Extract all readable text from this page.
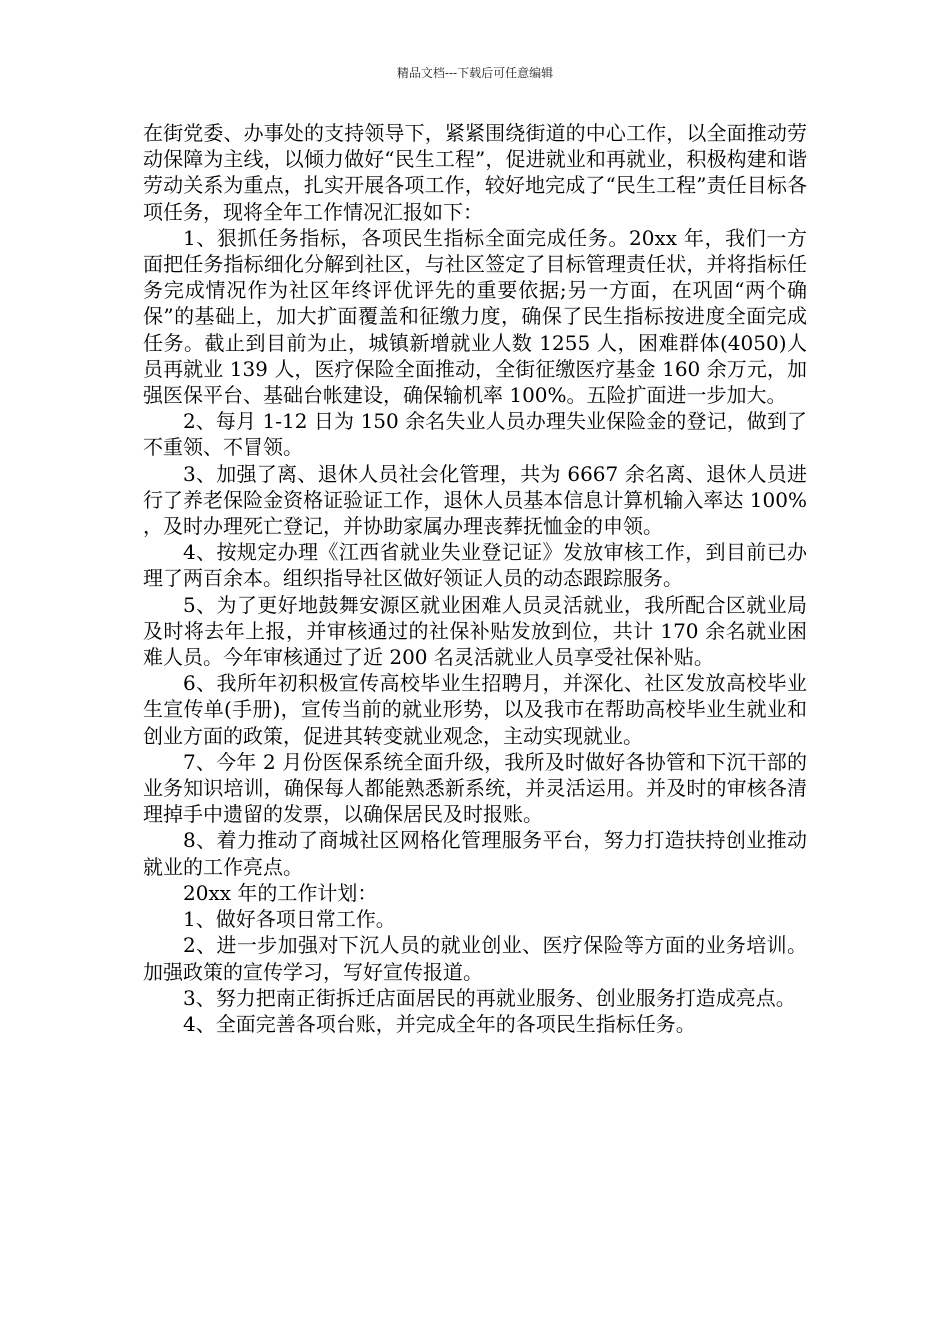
精品文档---下载后可任意编辑

在街党委、办事处的支持领导下，紧紧围绕街道的中心工作，以全面推动劳动保障为主线，以倾力做好“民生工程”，促进就业和再就业，积极构建和谐劳动关系为重点，扎实开展各项工作，较好地完成了“民生工程”责任目标各项任务，现将全年工作情况汇报如下：

1、狠抓任务指标，各项民生指标全面完成任务。20xx 年，我们一方面把任务指标细化分解到社区，与社区签定了目标管理责任状，并将指标任务完成情况作为社区年终评优评先的重要依据;另一方面，在巩固“两个确保”的基础上，加大扩面覆盖和征缴力度，确保了民生指标按进度全面完成任务。截止到目前为止，城镇新增就业人数 1255 人，困难群体(4050)人员再就业 139 人，医疗保险全面推动，全街征缴医疗基金 160 余万元，加强医保平台、基础台帐建设，确保输机率 100%。五险扩面进一步加大。

2、每月 1-12 日为 150 余名失业人员办理失业保险金的登记，做到了不重领、不冒领。

3、加强了离、退休人员社会化管理，共为 6667 余名离、退休人员进行了养老保险金资格证验证工作，退休人员基本信息计算机输入率达 100% ，及时办理死亡登记，并协助家属办理丧葬抚恤金的申领。

4、按规定办理《江西省就业失业登记证》发放审核工作，到目前已办理了两百余本。组织指导社区做好领证人员的动态跟踪服务。

5、为了更好地鼓舞安源区就业困难人员灵活就业，我所配合区就业局及时将去年上报，并审核通过的社保补贴发放到位，共计 170 余名就业困难人员。今年审核通过了近 200 名灵活就业人员享受社保补贴。

6、我所年初积极宣传高校毕业生招聘月，并深化、社区发放高校毕业生宣传单(手册)，宣传当前的就业形势，以及我市在帮助高校毕业生就业和创业方面的政策，促进其转变就业观念，主动实现就业。

7、今年 2 月份医保系统全面升级，我所及时做好各协管和下沉干部的业务知识培训，确保每人都能熟悉新系统，并灵活运用。并及时的审核各清理掉手中遗留的发票，以确保居民及时报账。

8、着力推动了商城社区网格化管理服务平台，努力打造扶持创业推动就业的工作亮点。

20xx 年的工作计划：

1、做好各项日常工作。

2、进一步加强对下沉人员的就业创业、医疗保险等方面的业务培训。加强政策的宣传学习，写好宣传报道。

3、努力把南正街拆迁店面居民的再就业服务、创业服务打造成亮点。

4、全面完善各项台账，并完成全年的各项民生指标任务。
